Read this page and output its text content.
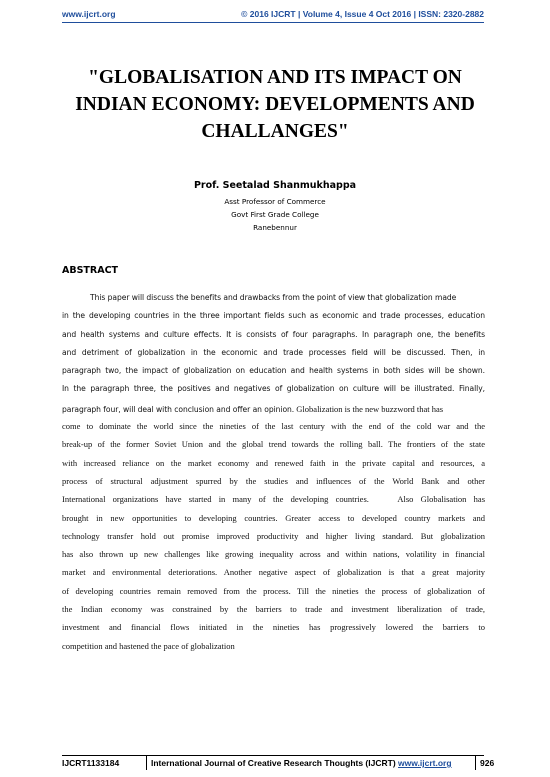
www.ijcrt.org	© 2016 IJCRT | Volume 4, Issue 4 Oct 2016 | ISSN: 2320-2882
"GLOBALISATION AND ITS IMPACT ON
INDIAN ECONOMY: DEVELOPMENTS AND
CHALLANGES"
Prof. Seetalad Shanmukhappa
Asst Professor of Commerce
Govt First Grade College
Ranebennur
ABSTRACT
This paper will discuss the benefits and drawbacks from the point of view that globalization made
in the developing countries in the three important fields such as economic and trade processes, education
and health systems and culture effects. It is consists of four paragraphs. In paragraph one, the benefits
and detriment of globalization in the economic and trade processes field will be discussed. Then, in
paragraph two, the impact of globalization on education and health systems in both sides will be shown.
In the paragraph three, the positives and negatives of globalization on culture will be illustrated. Finally,
paragraph four, will deal with conclusion and offer an opinion. Globalization is the new buzzword that has
come to dominate the world since the nineties of the last century with the end of the cold war and the
break-up of the former Soviet Union and the global trend towards the rolling ball. The frontiers of the state
with increased reliance on the market economy and renewed faith in the private capital and resources, a
process of structural adjustment spurred by the studies and influences of the World Bank and other
International organizations have started in many of the developing countries.    Also Globalisation has
brought in new opportunities to developing countries. Greater access to developed country markets and
technology transfer hold out promise improved productivity and higher living standard. But globalization
has also thrown up new challenges like growing inequality across and within nations, volatility in financial
market and environmental deteriorations. Another negative aspect of globalization is that a great majority
of developing countries remain removed from the process. Till the nineties the process of globalization of
the Indian economy was constrained by the barriers to trade and investment liberalization of trade,
investment and financial flows initiated in the nineties has progressively lowered the barriers to
competition and hastened the pace of globalization
IJCRT1133184	International Journal of Creative Research Thoughts (IJCRT) www.ijcrt.org	926
